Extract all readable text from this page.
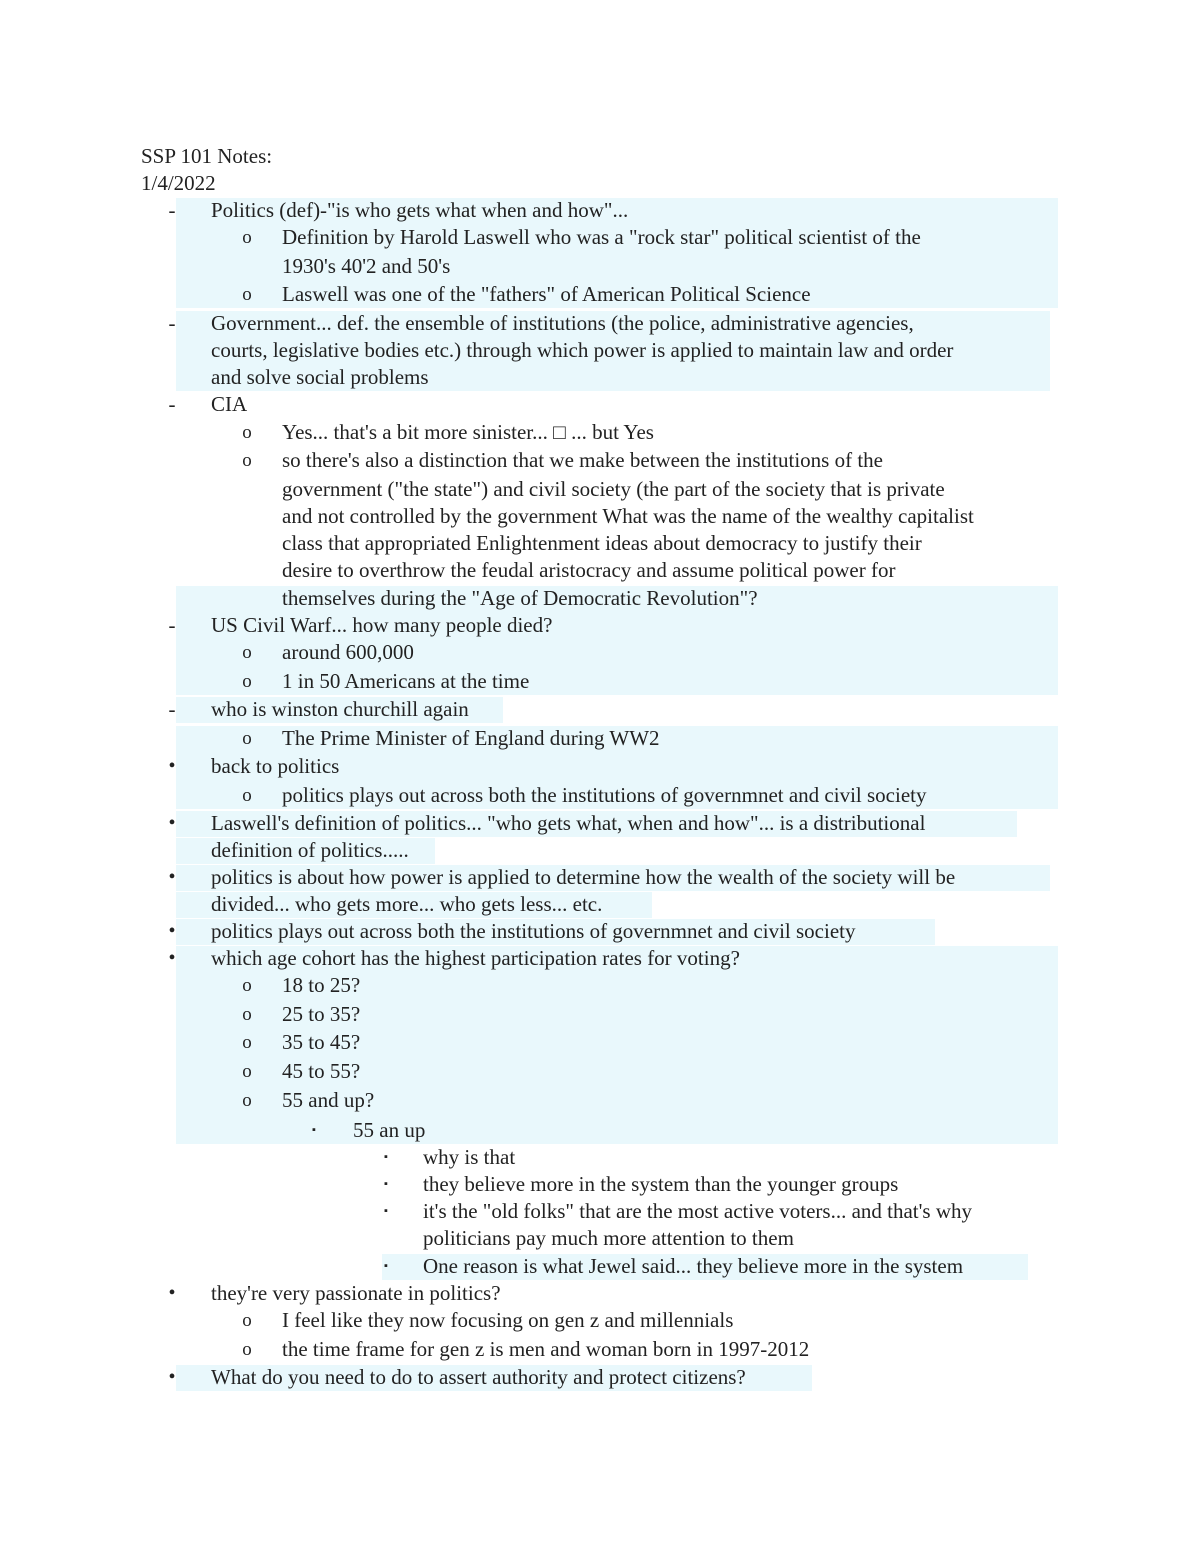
SSP 101 Notes:
1/4/2022
-	Politics (def)-"is who gets what when and how"...
o	Definition by Harold Laswell who was a "rock star" political scientist of the
1930's 40'2 and 50's
o	Laswell was one of the "fathers" of American Political Science
-	Government... def. the ensemble of institutions (the police, administrative agencies,
courts, legislative bodies etc.) through which power is applied to maintain law and order
and solve social problems
-	CIA
o	Yes... that's a bit more sinister... □ ... but Yes
o	so there's also a distinction that we make between the institutions of the
government ("the state") and civil society (the part of the society that is private
and not controlled by the government What was the name of the wealthy capitalist
class that appropriated Enlightenment ideas about democracy to justify their
desire to overthrow the feudal aristocracy and assume political power for
themselves during the "Age of Democratic Revolution"?
-	US Civil Warf... how many people died?
o	around 600,000
o	1 in 50 Americans at the time
-	who is winston churchill again
o	The Prime Minister of England during WW2
•	back to politics
o	politics plays out across both the institutions of governmnet and civil society
•	Laswell's definition of politics... "who gets what, when and how"... is a distributional
definition of politics.....
•	politics is about how power is applied to determine how the wealth of the society will be
divided... who gets more... who gets less... etc.
•	politics plays out across both the institutions of governmnet and civil society
•	which age cohort has the highest participation rates for voting?
o	18 to 25?
o	25 to 35?
o	35 to 45?
o	45 to 55?
o	55 and up?
▪	55 an up
▪	why is that
▪	they believe more in the system than the younger groups
▪	it's the "old folks" that are the most active voters... and that's why
politicians pay much more attention to them
▪	One reason is what Jewel said... they believe more in the system
•	they're very passionate in politics?
o	I feel like they now focusing on gen z and millennials
o	the time frame for gen z is men and woman born in 1997-2012
•	What do you need to do to assert authority and protect citizens?
